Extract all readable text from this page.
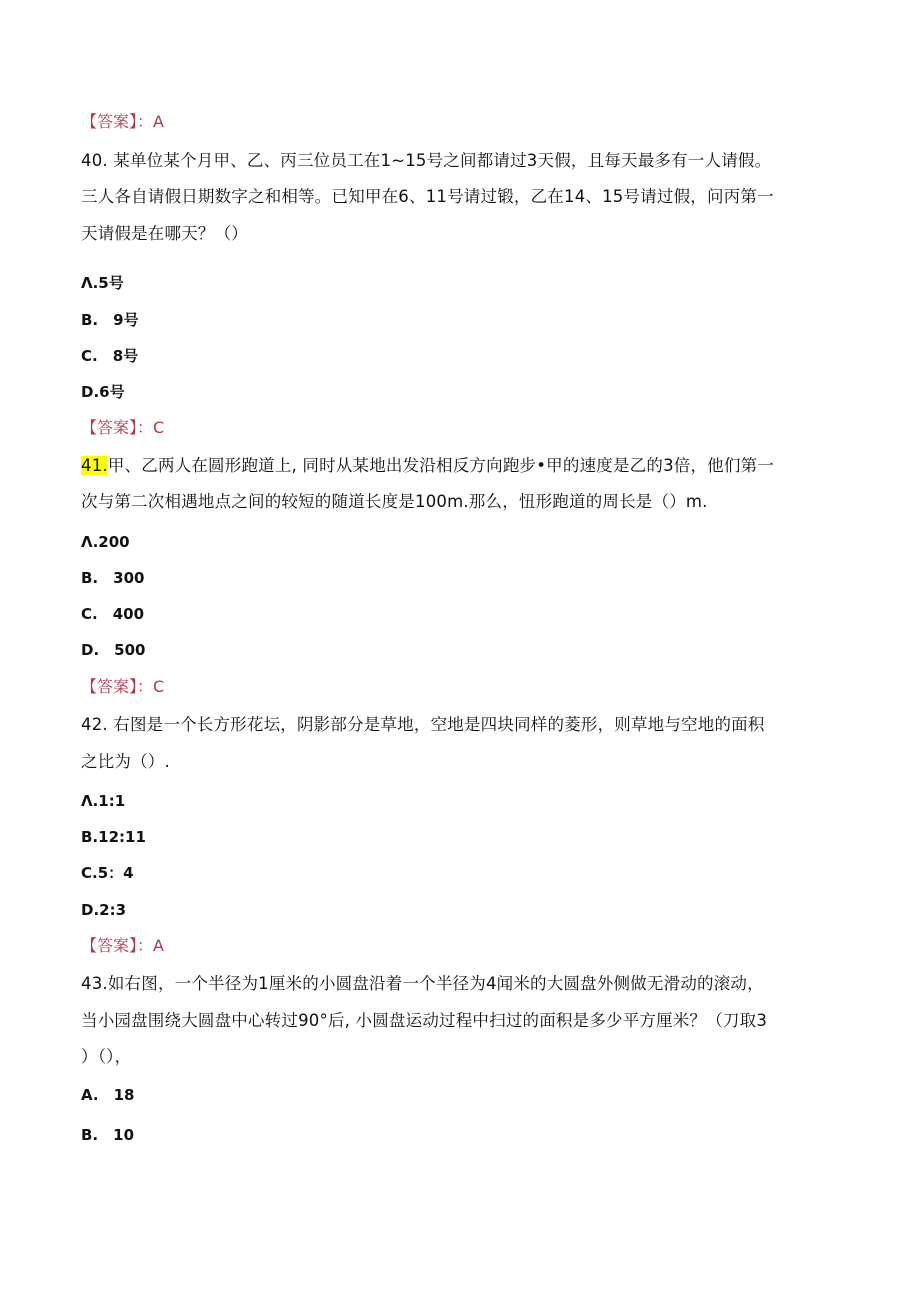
【答案】：A
40. 某单位某个月甲、乙、丙三位员工在1~15号之间都请过3天假，且每天最多有一人请假。
三人各自请假日期数字之和相等。已知甲在6、11号请过锻，乙在14、15号请过假，问丙第一
天请假是在哪天？（）
Λ.5号
B.　9号
C.　8号
D.6号
【答案】：C
41.甲、乙两人在圆形跑道上, 同时从某地出发沿相反方向跑步•甲的速度是乙的3倍，他们第一
次与第二次相遇地点之间的较短的随道长度是100m.那么，忸形跑道的周长是（）m.
Λ.200
B.　300
C.　400
D.　500
【答案】：C
42. 右图是一个长方形花坛，阴影部分是草地，空地是四块同样的菱形，则草地与空地的面积
之比为（）.
Λ.1:1
B.12:11
C.5：4
D.2:3
【答案】：A
43.如右图，一个半径为1厘米的小圆盘沿着一个半径为4闻米的大圆盘外侧做无滑动的滚动，
当小园盘围绕大圆盘中心转过90°后, 小圆盘运动过程中扫过的面积是多少平方厘米？（刀取3
）（），
A.　18
B.　10
